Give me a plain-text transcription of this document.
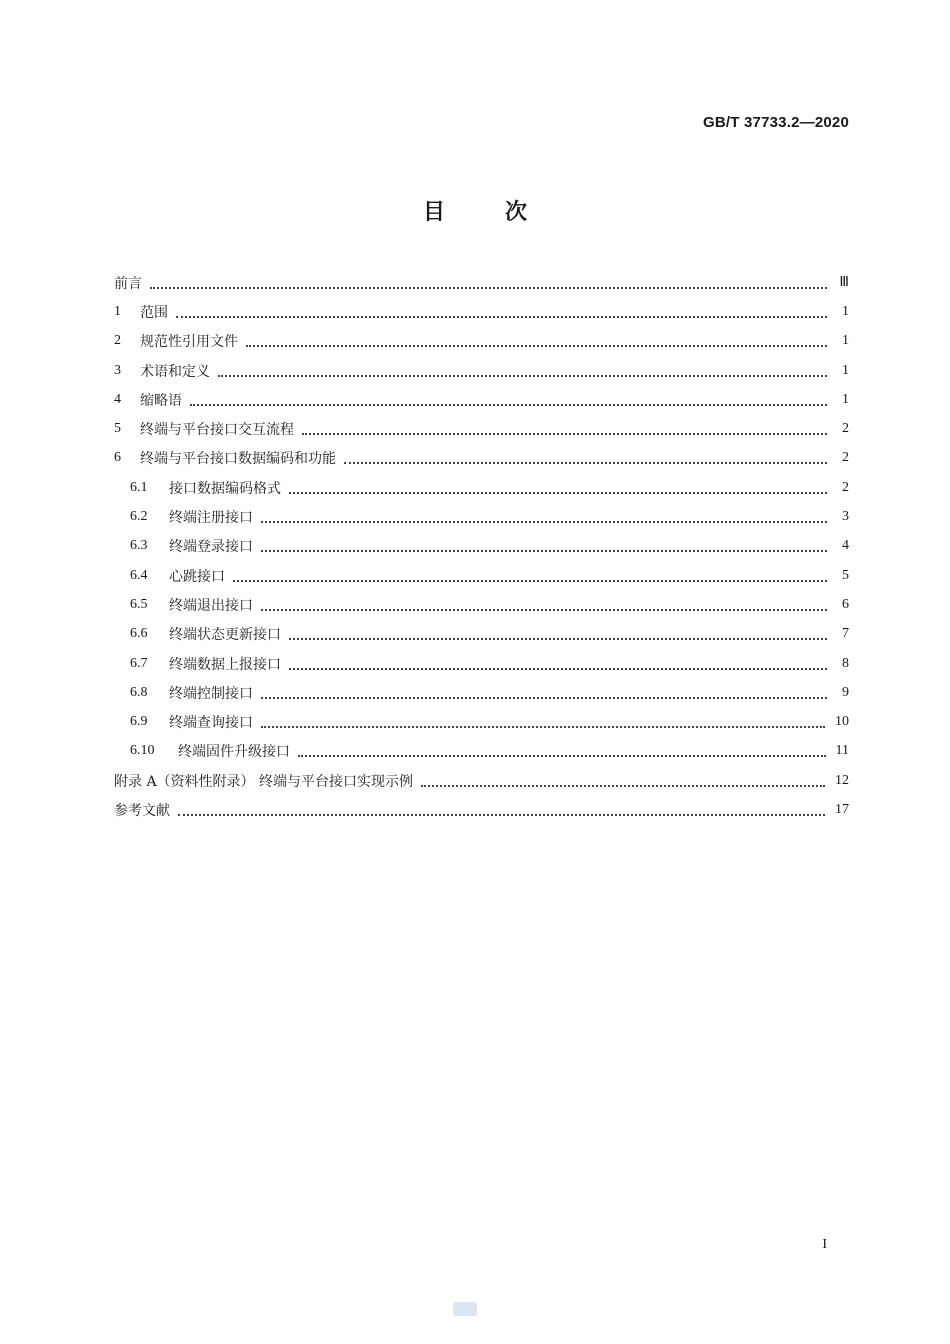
GB/T 37733.2—2020
目	次
前言	Ⅲ
1	范围	1
2	规范性引用文件	1
3	术语和定义	1
4	缩略语	1
5	终端与平台接口交互流程	2
6	终端与平台接口数据编码和功能	2
6.1	接口数据编码格式	2
6.2	终端注册接口	3
6.3	终端登录接口	4
6.4	心跳接口	5
6.5	终端退出接口	6
6.6	终端状态更新接口	7
6.7	终端数据上报接口	8
6.8	终端控制接口	9
6.9	终端查询接口	10
6.10	终端固件升级接口	11
附录 A（资料性附录） 终端与平台接口实现示例	12
参考文献	17
I
